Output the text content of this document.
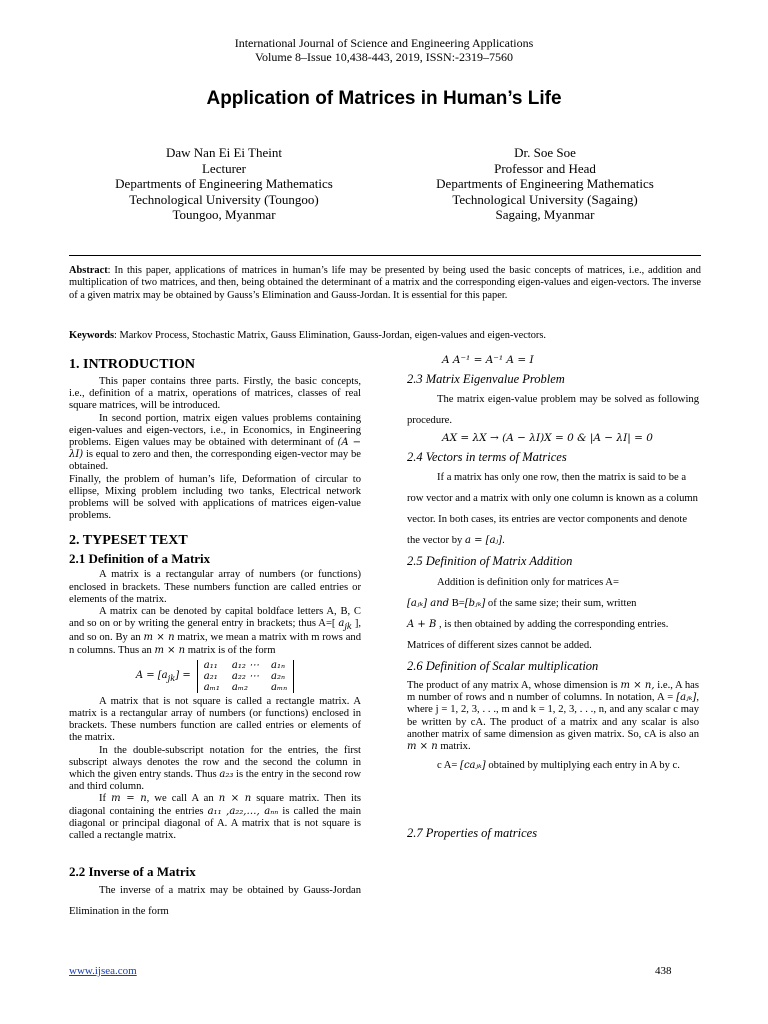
International Journal of Science and Engineering Applications
Volume 8–Issue 10,438-443, 2019, ISSN:-2319–7560
Application of Matrices in Human’s Life
Daw Nan Ei Ei Theint
Lecturer
Departments of Engineering Mathematics
Technological University (Toungoo)
Toungoo, Myanmar
Dr. Soe Soe
Professor and Head
Departments of Engineering Mathematics
Technological University (Sagaing)
Sagaing, Myanmar
Abstract: In this paper, applications of matrices in human’s life may be presented by being used the basic concepts of matrices, i.e., addition and multiplication of two matrices, and then, being obtained the determinant of a matrix and the corresponding eigen-values and eigen-vectors. The inverse of a given matrix may be obtained by Gauss’s Elimination and Gauss-Jordan. It is essential for this paper.
Keywords: Markov Process, Stochastic Matrix, Gauss Elimination, Gauss-Jordan, eigen-values and eigen-vectors.
1. INTRODUCTION
This paper contains three parts. Firstly, the basic concepts, i.e., definition of a matrix, operations of matrices, classes of real square matrices, will be introduced.
In second portion, matrix eigen values problems containing eigen-values and eigen-vectors, i.e., in Economics, in Engineering problems. Eigen values may be obtained with determinant of (A − λI) is equal to zero and then, the corresponding eigen-vector may be obtained.
Finally, the problem of human’s life, Deformation of circular to ellipse, Mixing problem including two tanks, Electrical network problems will be solved with applications of matrices eigen-value problems.
2. TYPESET TEXT
2.1 Definition of a Matrix
A matrix is a rectangular array of numbers (or functions) enclosed in brackets. These numbers function are called entries or elements of the matrix.
A matrix can be denoted by capital boldface letters A, B, C and so on or by writing the general entry in brackets; thus A=[ $a_{jk}$ ], and so on. By an m × n matrix, we mean a matrix with m rows and n columns. Thus an m × n matrix is of the form
$A = [a_{jk}]$ =
a₁₁	a₁₂ ⋯	a₁ₙ
a₂₁	a₂₂ ⋯	a₂ₙ
aₘ₁	aₘ₂	aₘₙ
A matrix that is not square is called a rectangle matrix. A matrix is a rectangular array of numbers (or functions) enclosed in brackets. These numbers function are called entries or elements of the matrix.
In the double-subscript notation for the entries, the first subscript always denotes the row and the second the column in which the given entry stands. Thus a₂₃ is the entry in the second row and third column.
If m = n, we call A an n × n square matrix. Then its diagonal containing the entries a₁₁ ,a₂₂,…, aₙₙ is called the main diagonal or principal diagonal of A. A matrix that is not square is called a rectangle matrix.
2.2 Inverse of a Matrix
The inverse of a matrix may be obtained by Gauss-Jordan Elimination in the form
A A⁻¹ = A⁻¹ A = I
2.3 Matrix Eigenvalue Problem
The matrix eigen-value problem may be solved as following procedure.
AX = λX → (A − λI)X = 0 & |A − λI| = 0
2.4 Vectors in terms of Matrices
If a matrix has only one row, then the matrix is said to be a row vector and a matrix with only one column is known as a column vector. In both cases, its entries are vector components and denote the vector by a = [aⱼ].
2.5 Definition of Matrix Addition
Addition is definition only for matrices A=
[aⱼₖ] and B=[bⱼₖ] of the same size; their sum, written
A + B , is then obtained by adding the corresponding entries.
Matrices of different sizes cannot be added.
2.6 Definition of Scalar multiplication
The product of any matrix A, whose dimension is m × n, i.e., A has m number of rows and n number of columns. In notation, A = [aⱼₖ], where j = 1, 2, 3, . . ., m and k = 1, 2, 3, . . ., n, and any scalar c may be written by cA. The product of a matrix and any scalar is also another matrix of same dimension as given matrix. So, cA is also an m × n matrix.
c A= [caⱼₖ] obtained by multiplying each entry in A by c.
2.7 Properties of matrices
www.ijsea.com	438
